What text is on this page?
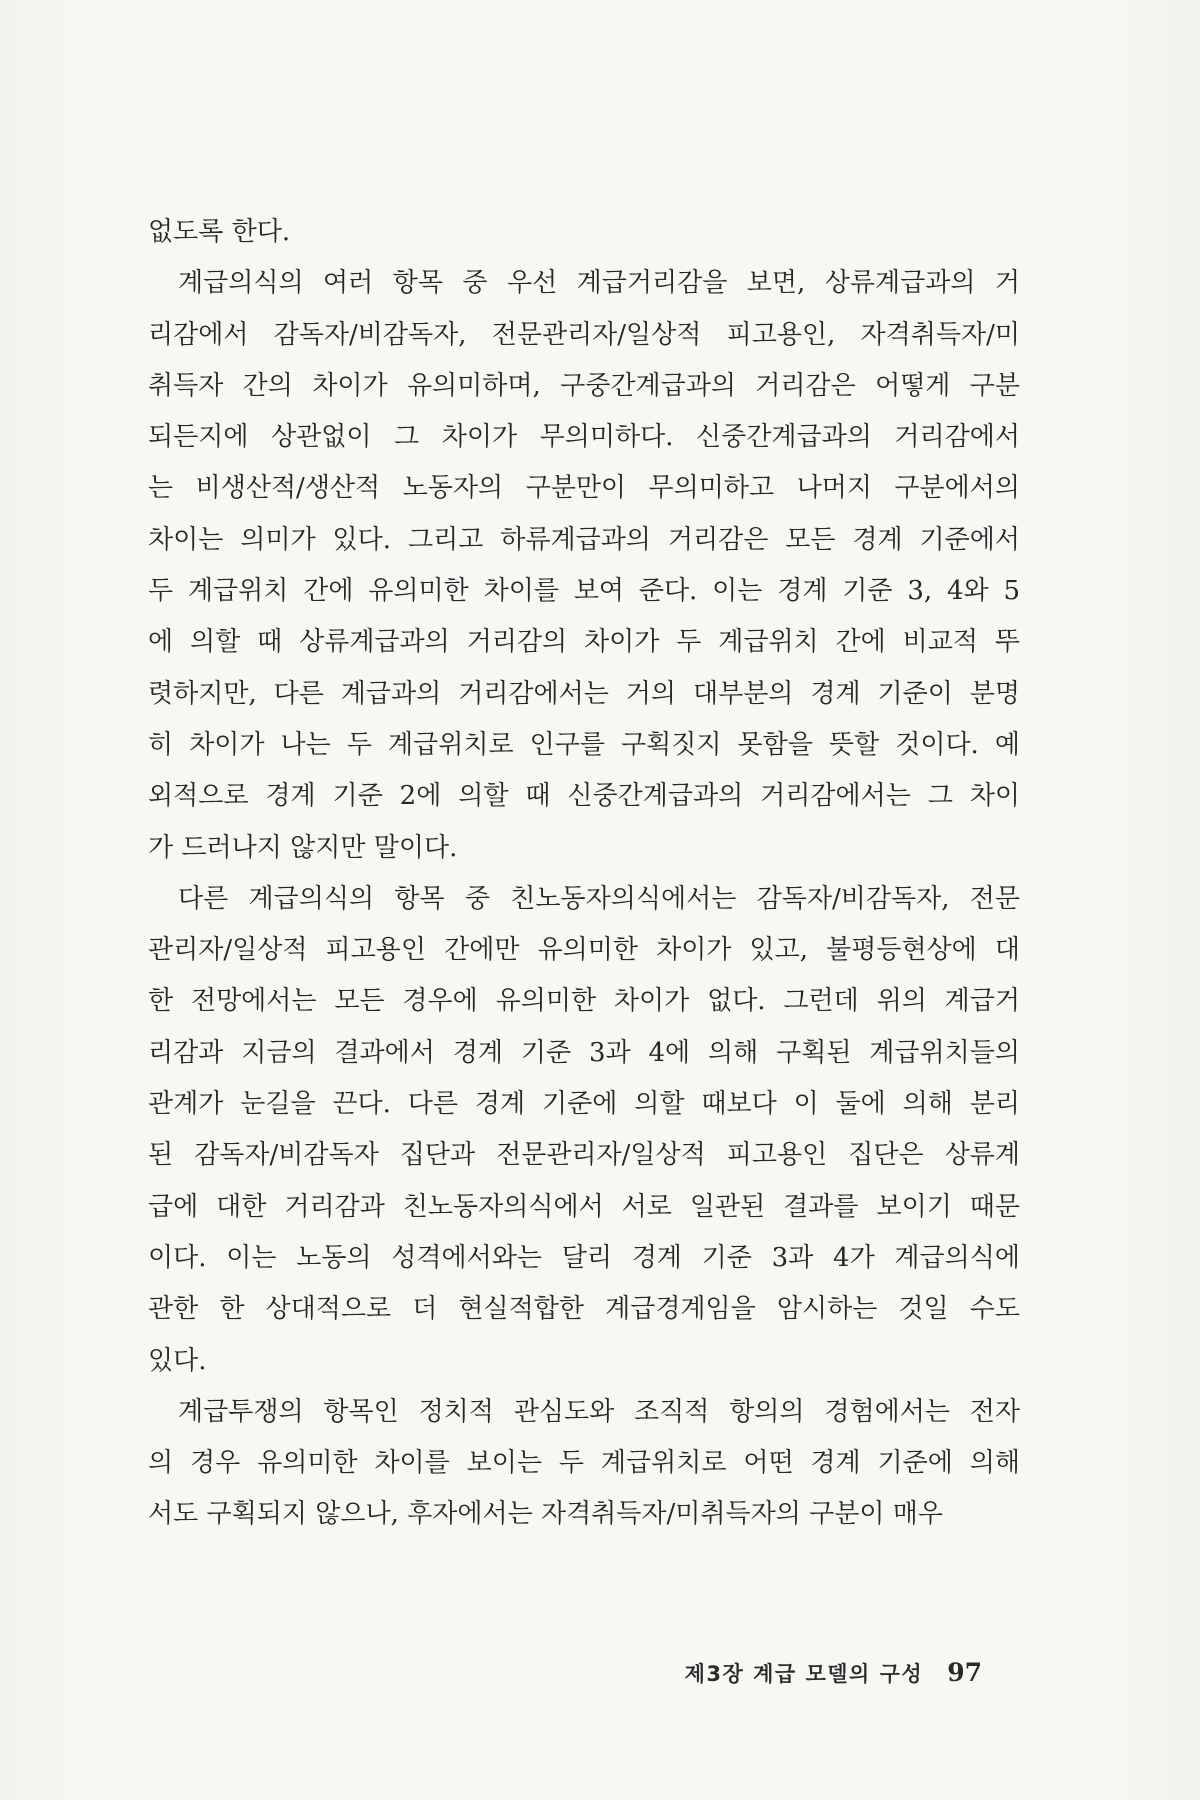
없도록 한다.
계급의식의 여러 항목 중 우선 계급거리감을 보면, 상류계급과의 거
리감에서 감독자/비감독자, 전문관리자/일상적 피고용인, 자격취득자/미
취득자 간의 차이가 유의미하며, 구중간계급과의 거리감은 어떻게 구분
되든지에 상관없이 그 차이가 무의미하다. 신중간계급과의 거리감에서
는 비생산적/생산적 노동자의 구분만이 무의미하고 나머지 구분에서의
차이는 의미가 있다. 그리고 하류계급과의 거리감은 모든 경계 기준에서
두 계급위치 간에 유의미한 차이를 보여 준다. 이는 경계 기준 3, 4와 5
에 의할 때 상류계급과의 거리감의 차이가 두 계급위치 간에 비교적 뚜
렷하지만, 다른 계급과의 거리감에서는 거의 대부분의 경계 기준이 분명
히 차이가 나는 두 계급위치로 인구를 구획짓지 못함을 뜻할 것이다. 예
외적으로 경계 기준 2에 의할 때 신중간계급과의 거리감에서는 그 차이
가 드러나지 않지만 말이다.
다른 계급의식의 항목 중 친노동자의식에서는 감독자/비감독자, 전문
관리자/일상적 피고용인 간에만 유의미한 차이가 있고, 불평등현상에 대
한 전망에서는 모든 경우에 유의미한 차이가 없다. 그런데 위의 계급거
리감과 지금의 결과에서 경계 기준 3과 4에 의해 구획된 계급위치들의
관계가 눈길을 끈다. 다른 경계 기준에 의할 때보다 이 둘에 의해 분리
된 감독자/비감독자 집단과 전문관리자/일상적 피고용인 집단은 상류계
급에 대한 거리감과 친노동자의식에서 서로 일관된 결과를 보이기 때문
이다. 이는 노동의 성격에서와는 달리 경계 기준 3과 4가 계급의식에
관한 한 상대적으로 더 현실적합한 계급경계임을 암시하는 것일 수도
있다.
계급투쟁의 항목인 정치적 관심도와 조직적 항의의 경험에서는 전자
의 경우 유의미한 차이를 보이는 두 계급위치로 어떤 경계 기준에 의해
서도 구획되지 않으나, 후자에서는 자격취득자/미취득자의 구분이 매우
제3장 계급 모델의 구성 97
